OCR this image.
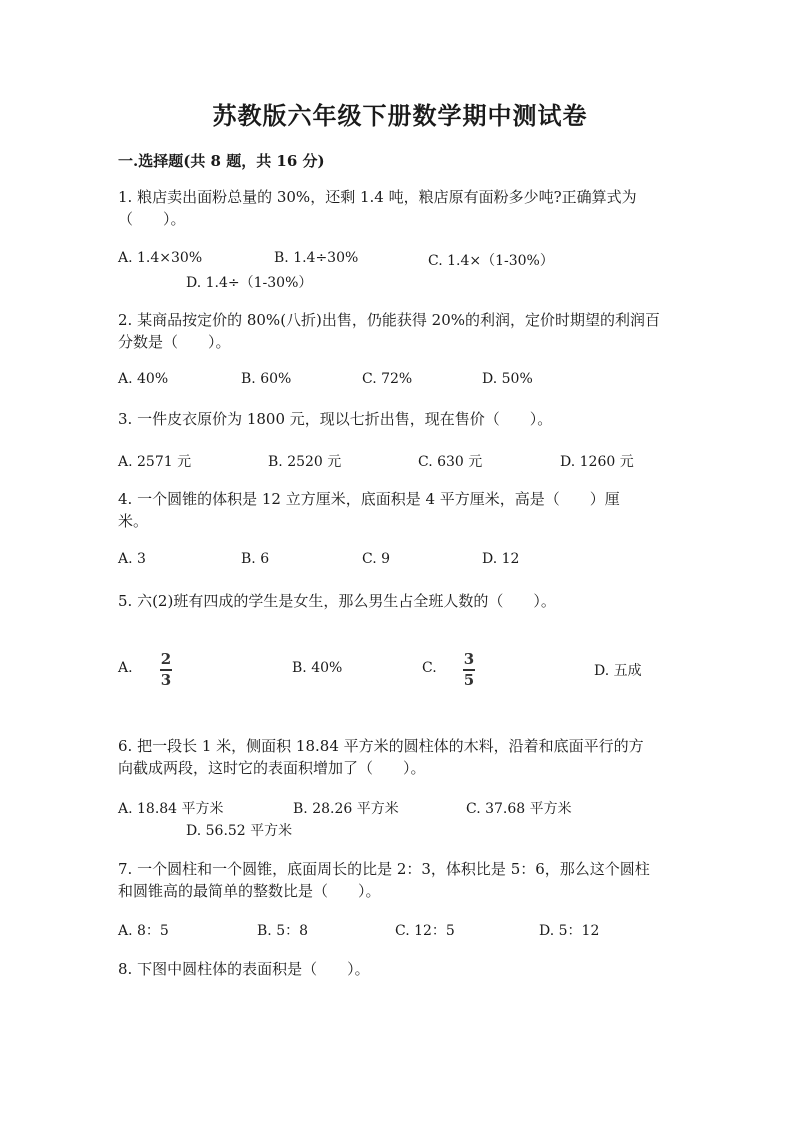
苏教版六年级下册数学期中测试卷
一.选择题(共 8 题，共 16 分)
1. 粮店卖出面粉总量的 30%，还剩 1.4 吨，粮店原有面粉多少吨?正确算式为
（　　）。
A. 1.4×30%	B. 1.4÷30%	C. 1.4×（1-30%）
D. 1.4÷（1-30%）
2. 某商品按定价的 80%(八折)出售，仍能获得 20%的利润，定价时期望的利润百
分数是（　　）。
A. 40%	B. 60%	C. 72%	D. 50%
3. 一件皮衣原价为 1800 元，现以七折出售，现在售价（　　）。
A. 2571 元	B. 2520 元	C. 630 元	D. 1260 元
4. 一个圆锥的体积是 12 立方厘米，底面积是 4 平方厘米，高是（　　）厘
米。
A. 3	B. 6	C. 9	D. 12
5. 六(2)班有四成的学生是女生，那么男生占全班人数的（　　）。
A. 2
3
B. 40%	C. 3
5	D. 五成
6. 把一段长 1 米，侧面积 18.84 平方米的圆柱体的木料，沿着和底面平行的方
向截成两段，这时它的表面积增加了（　　）。
A. 18.84 平方米	B. 28.26 平方米	C. 37.68 平方米
D. 56.52 平方米
7. 一个圆柱和一个圆锥，底面周长的比是 2：3，体积比是 5：6，那么这个圆柱
和圆锥高的最简单的整数比是（　　）。
A. 8：5	B. 5：8	C. 12：5	D. 5：12
8. 下图中圆柱体的表面积是（　　）。
